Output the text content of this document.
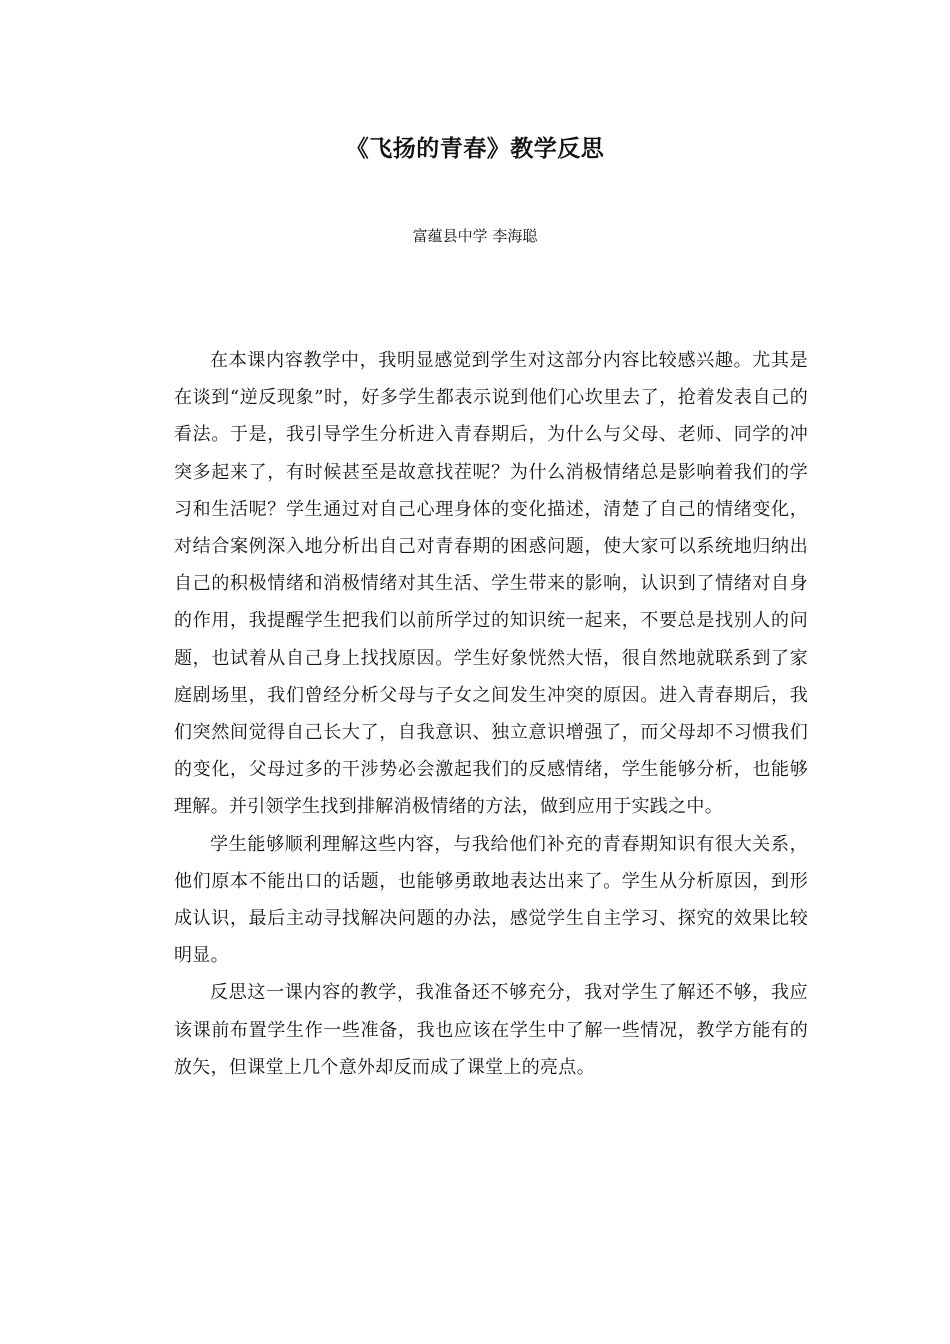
《飞扬的青春》教学反思

富蕴县中学 李海聪

在本课内容教学中，我明显感觉到学生对这部分内容比较感兴趣。尤其是在谈到“逆反现象”时，好多学生都表示说到他们心坎里去了，抢着发表自己的看法。于是，我引导学生分析进入青春期后，为什么与父母、老师、同学的冲突多起来了，有时候甚至是故意找茬呢？为什么消极情绪总是影响着我们的学习和生活呢？学生通过对自己心理身体的变化描述，清楚了自己的情绪变化，对结合案例深入地分析出自己对青春期的困惑问题，使大家可以系统地归纳出自己的积极情绪和消极情绪对其生活、学生带来的影响，认识到了情绪对自身的作用，我提醒学生把我们以前所学过的知识统一起来，不要总是找别人的问题，也试着从自己身上找找原因。学生好象恍然大悟，很自然地就联系到了家庭剧场里，我们曾经分析父母与子女之间发生冲突的原因。进入青春期后，我们突然间觉得自己长大了，自我意识、独立意识增强了，而父母却不习惯我们的变化，父母过多的干涉势必会激起我们的反感情绪，学生能够分析，也能够理解。并引领学生找到排解消极情绪的方法，做到应用于实践之中。

学生能够顺利理解这些内容，与我给他们补充的青春期知识有很大关系，他们原本不能出口的话题，也能够勇敢地表达出来了。学生从分析原因，到形成认识，最后主动寻找解决问题的办法，感觉学生自主学习、探究的效果比较明显。

反思这一课内容的教学，我准备还不够充分，我对学生了解还不够，我应该课前布置学生作一些准备，我也应该在学生中了解一些情况，教学方能有的放矢，但课堂上几个意外却反而成了课堂上的亮点。
